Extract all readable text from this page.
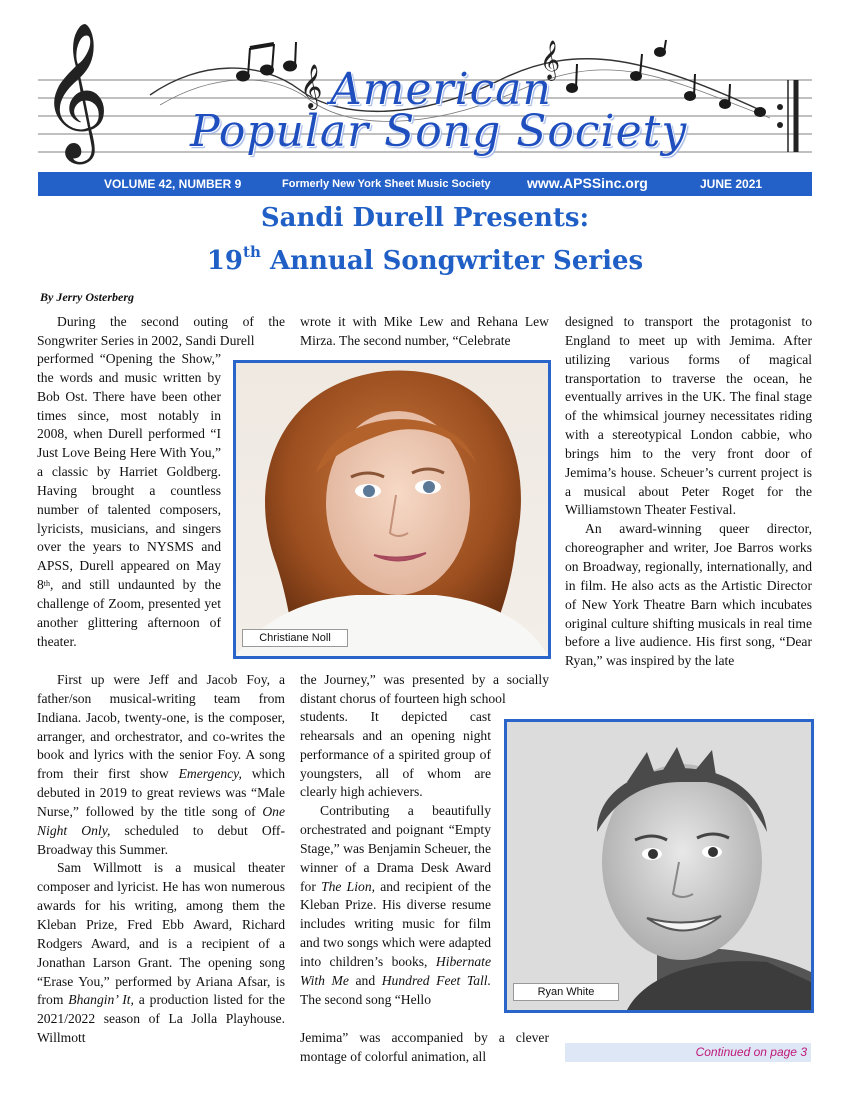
𝄞	𝄞
𝄞
American
Popular Song Society
VOLUME 42, NUMBER 9	Formerly New York Sheet Music Society	www.APSSinc.org	JUNE 2021
Sandi Durell Presents:
19th Annual Songwriter Series
By Jerry Osterberg

During the second outing of the Songwriter Series in 2002, Sandi Durell

performed “Opening the Show,” the words and music written by Bob Ost. There have been other times since, most notably in 2008, when Durell performed “I Just Love Being Here With You,” a classic by Harriet Goldberg. Having brought a countless number of talented composers, lyricists, musicians, and singers over the years to NYSMS and APSS, Durell appeared on May 8th, and still undaunted by the challenge of Zoom, presented yet another glittering afternoon of theater.

First up were Jeff and Jacob Foy, a father/son musical-writing team from Indiana. Jacob, twenty-one, is the composer, arranger, and orchestrator, and co-writes the book and lyrics with the senior Foy. A song from their first show Emergency, which debuted in 2019 to great reviews was “Male Nurse,” followed by the title song of One Night Only, scheduled to debut Off-Broadway this Summer.

Sam Willmott is a musical theater composer and lyricist. He has won numerous awards for his writing, among them the Kleban Prize, Fred Ebb Award, Richard Rodgers Award, and is a recipient of a Jonathan Larson Grant. The opening song “Erase You,” performed by Ariana Afsar, is from Bhangin’ It, a production listed for the 2021/2022 season of La Jolla Playhouse. Willmott

wrote it with Mike Lew and Rehana Lew Mirza. The second number, “Celebrate

Christiane Noll

the Journey,” was presented by a socially distant chorus of fourteen high school

students. It depicted cast rehearsals and an opening night performance of a spirited group of youngsters, all of whom are clearly high achievers.

Contributing a beautifully orchestrated and poignant “Empty Stage,” was Benjamin Scheuer, the winner of a Drama Desk Award for The Lion, and recipient of the Kleban Prize. His diverse resume includes writing music for film and two songs which were adapted into children’s books, Hibernate With Me and Hundred Feet Tall. The second song “Hello

Jemima” was accompanied by a clever montage of colorful animation, all

designed to transport the protagonist to England to meet up with Jemima. After utilizing various forms of magical transportation to traverse the ocean, he eventually arrives in the UK. The final stage of the whimsical journey necessitates riding with a stereotypical London cabbie, who brings him to the very front door of Jemima’s house. Scheuer’s current project is a musical about Peter Roget for the Williamstown Theater Festival.

An award-winning queer director, choreographer and writer, Joe Barros works on Broadway, regionally, internationally, and in film. He also acts as the Artistic Director of New York Theatre Barn which incubates original culture shifting musicals in real time before a live audience. His first song, “Dear Ryan,” was inspired by the late

Ryan White
Continued on page 3
